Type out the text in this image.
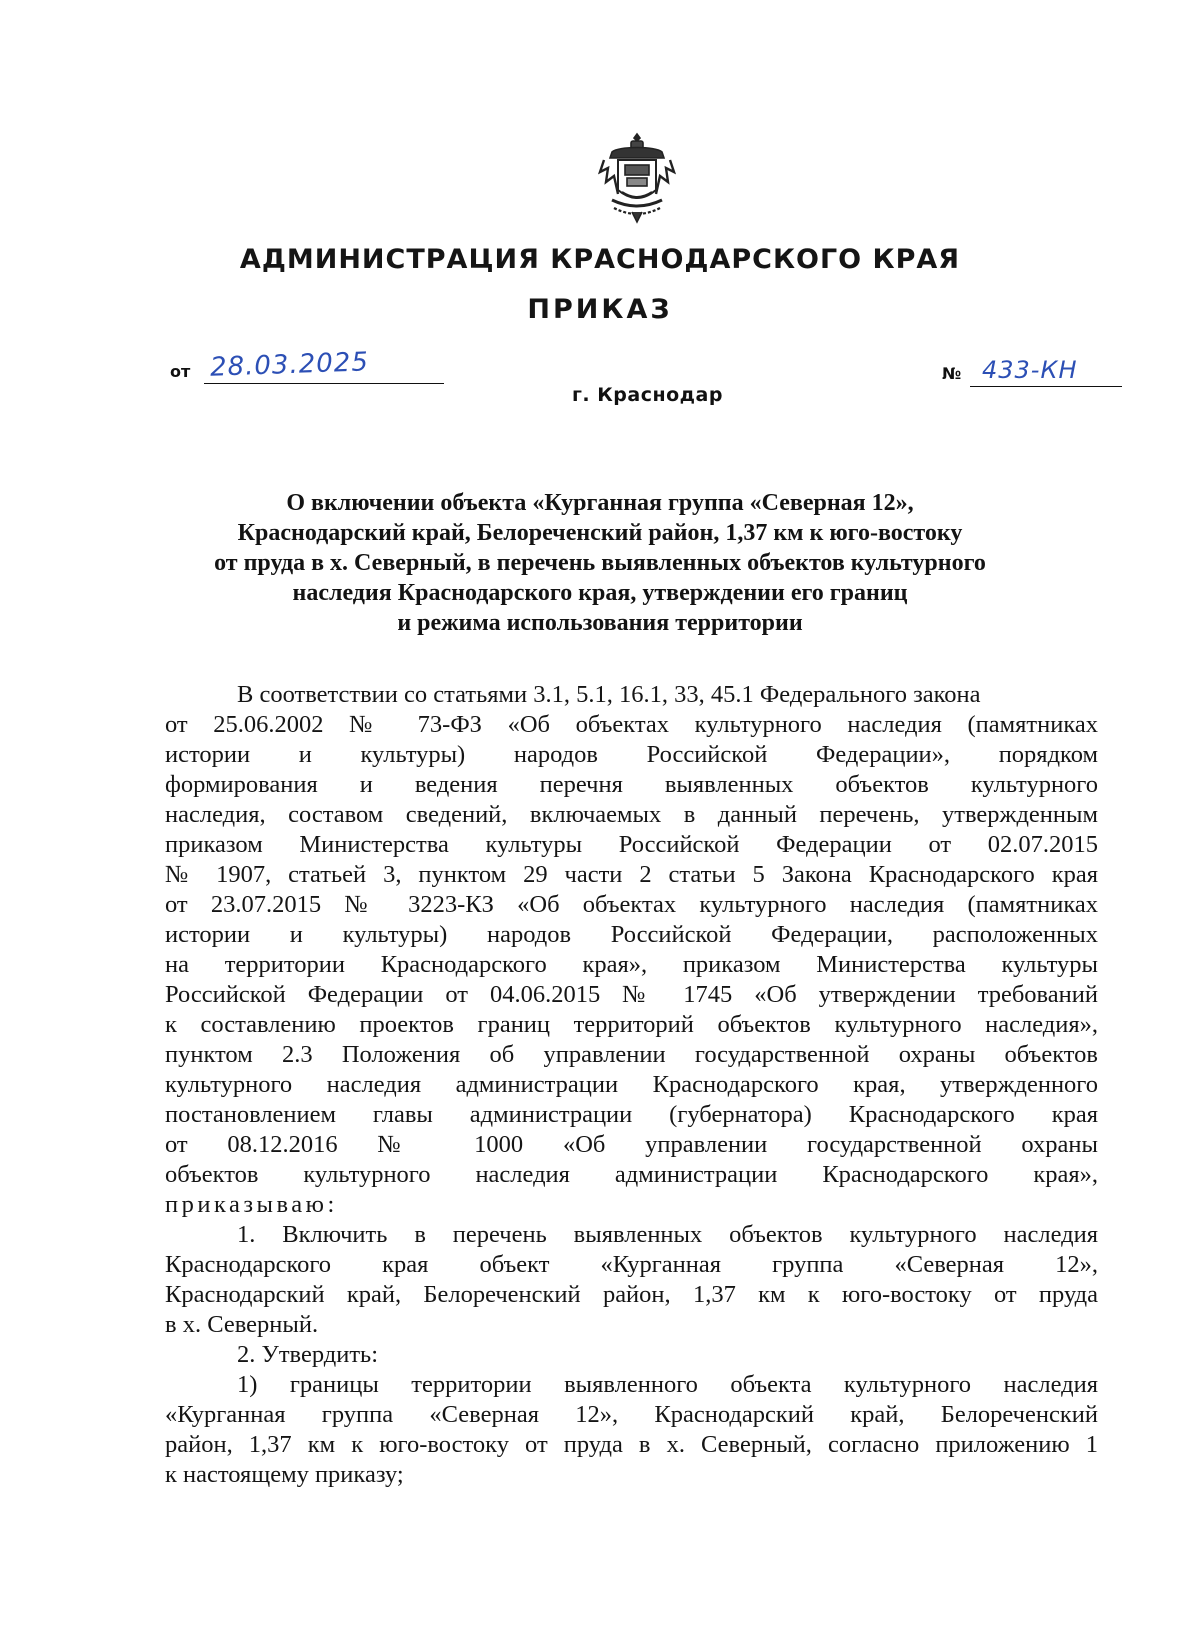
АДМИНИСТРАЦИЯ КРАСНОДАРСКОГО КРАЯ
ПРИКАЗ
от 28.03.2025	№ 433-КН
г. Краснодар
О включении объекта «Курганная группа «Северная 12»,
Краснодарский край, Белореченский район, 1,37 км к юго-востоку
от пруда в х. Северный, в перечень выявленных объектов культурного
наследия Краснодарского края, утверждении его границ
и режима использования территории
В соответствии со статьями 3.1, 5.1, 16.1, 33, 45.1 Федерального закона
от 25.06.2002 № 73-ФЗ «Об объектах культурного наследия (памятниках
истории и культуры) народов Российской Федерации», порядком
формирования и ведения перечня выявленных объектов культурного
наследия, составом сведений, включаемых в данный перечень, утвержденным
приказом Министерства культуры Российской Федерации от 02.07.2015
№ 1907, статьей 3, пунктом 29 части 2 статьи 5 Закона Краснодарского края
от 23.07.2015 № 3223-КЗ «Об объектах культурного наследия (памятниках
истории и культуры) народов Российской Федерации, расположенных
на территории Краснодарского края», приказом Министерства культуры
Российской Федерации от 04.06.2015 № 1745 «Об утверждении требований
к составлению проектов границ территорий объектов культурного наследия»,
пунктом 2.3 Положения об управлении государственной охраны объектов
культурного наследия администрации Краснодарского края, утвержденного
постановлением главы администрации (губернатора) Краснодарского края
от 08.12.2016 № 1000 «Об управлении государственной охраны
объектов культурного наследия администрации Краснодарского края»,
приказываю:
1. Включить в перечень выявленных объектов культурного наследия
Краснодарского края объект «Курганная группа «Северная 12»,
Краснодарский край, Белореченский район, 1,37 км к юго-востоку от пруда
в х. Северный.
2. Утвердить:
1) границы территории выявленного объекта культурного наследия
«Курганная группа «Северная 12», Краснодарский край, Белореченский
район, 1,37 км к юго-востоку от пруда в х. Северный, согласно приложению 1
к настоящему приказу;
